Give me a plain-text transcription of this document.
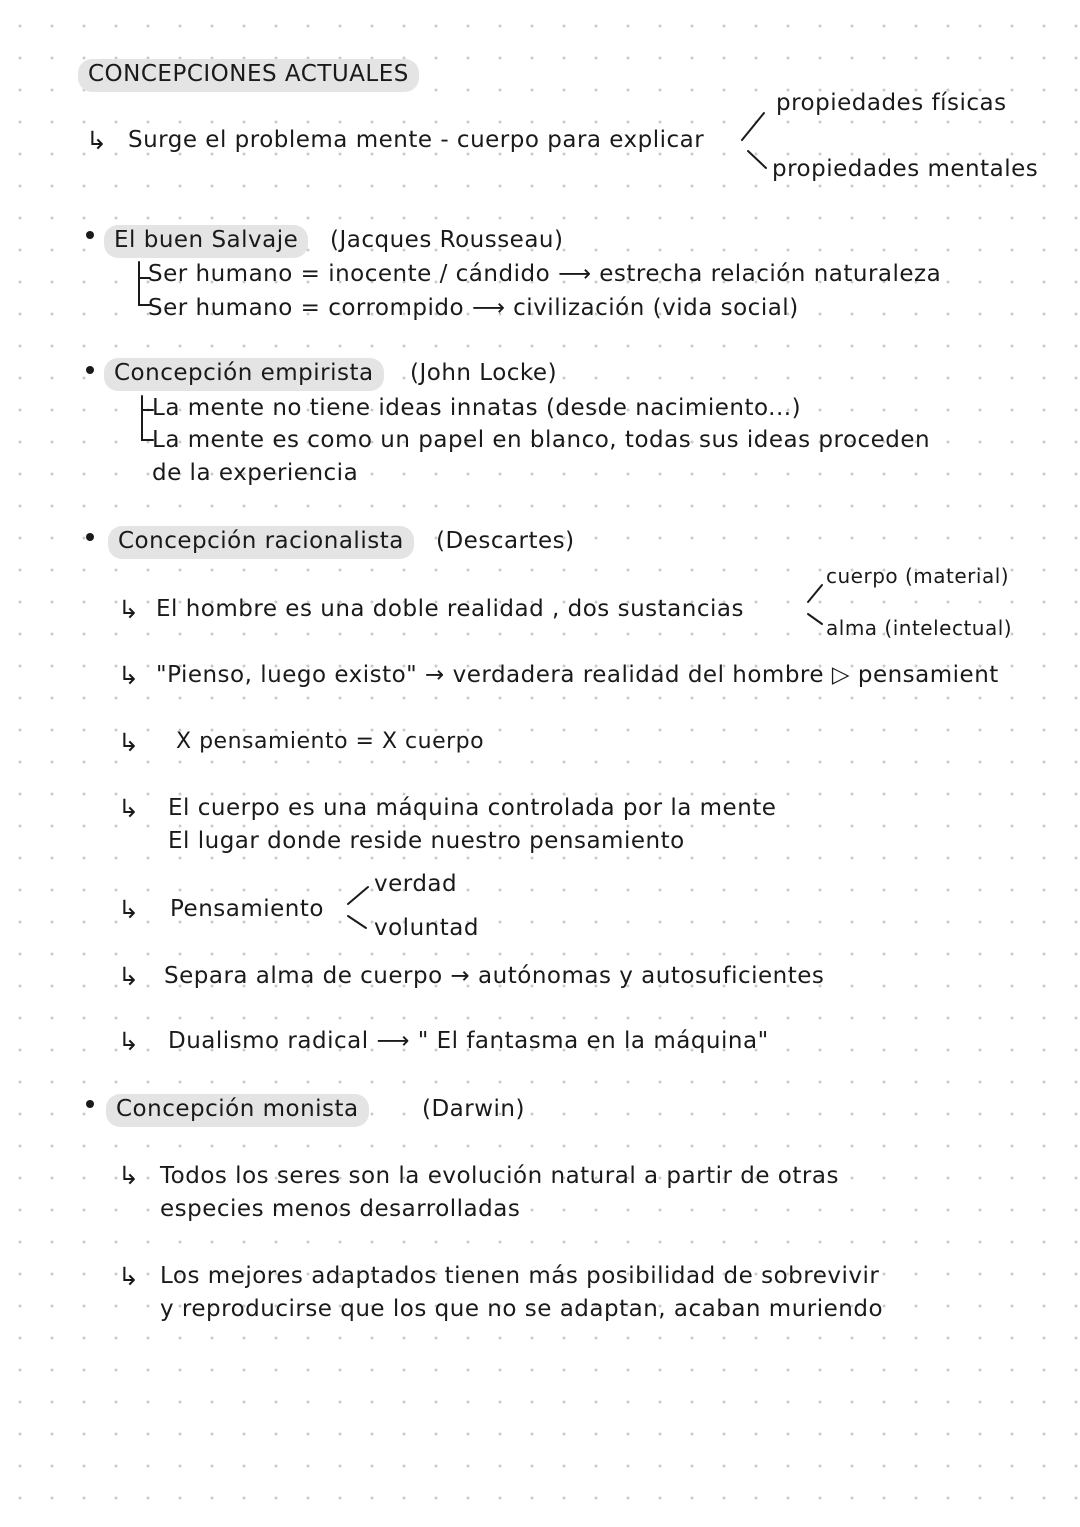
CONCEPCIONES ACTUALES
↳ Surge el problema mente - cuerpo para explicar
propiedades físicas
propiedades mentales
El buen Salvaje	(Jacques Rousseau)
Ser humano = inocente / cándido ⟶ estrecha relación naturaleza
Ser humano = corrompido ⟶ civilización (vida social)
Concepción empirista	(John Locke)
La mente no tiene ideas innatas (desde nacimiento...)
La mente es como un papel en blanco, todas sus ideas proceden
de la experiencia
Concepción racionalista	(Descartes)
↳ El hombre es una doble realidad , dos sustancias
cuerpo (material)
alma (intelectual)
↳ "Pienso, luego existo" → verdadera realidad del hombre ▷ pensamient
↳ X pensamiento = X cuerpo
↳ El cuerpo es una máquina controlada por la mente
El lugar donde reside nuestro pensamiento
↳ Pensamiento
verdad
voluntad
↳ Separa alma de cuerpo → autónomas y autosuficientes
↳ Dualismo radical ⟶ " El fantasma en la máquina"
Concepción monista	(Darwin)
↳ Todos los seres son la evolución natural a partir de otras
especies menos desarrolladas
↳ Los mejores adaptados tienen más posibilidad de sobrevivir
y reproducirse que los que no se adaptan, acaban muriendo
